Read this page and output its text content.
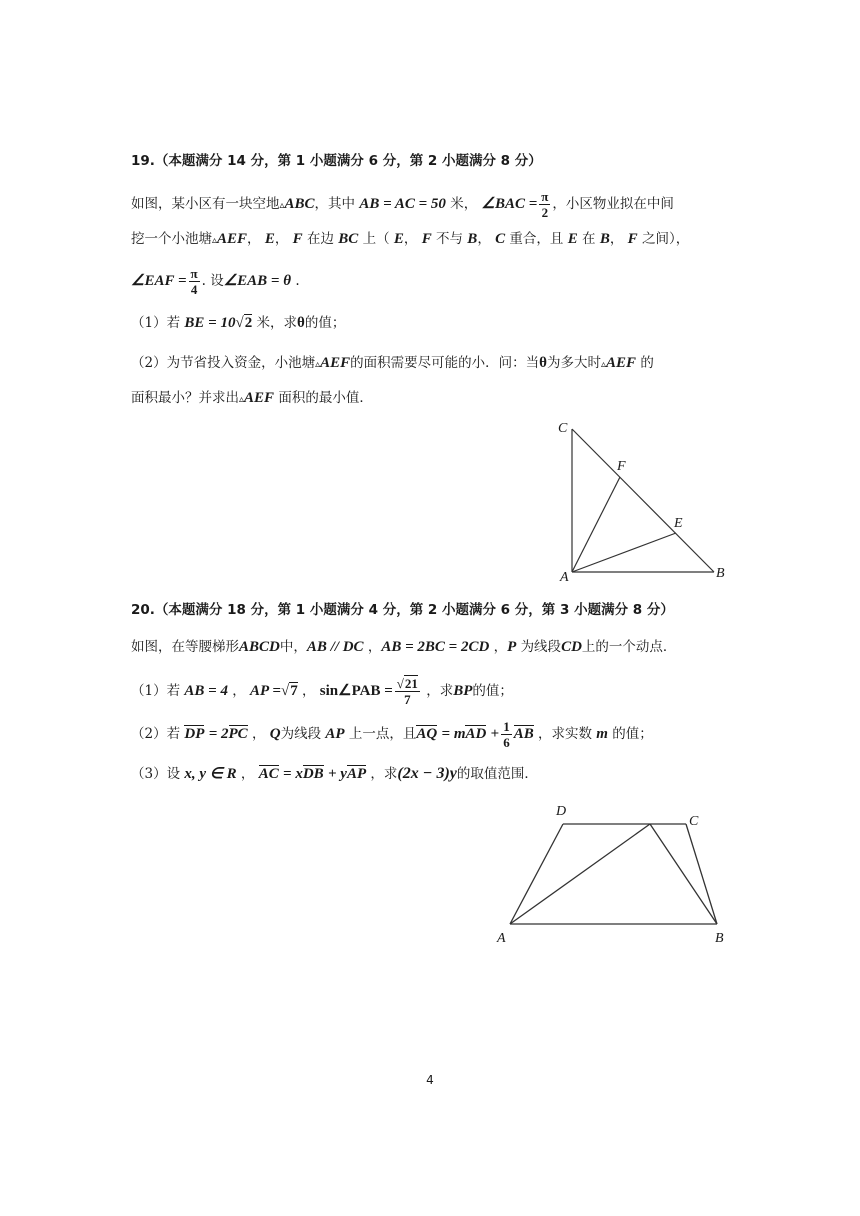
19.（本题满分 14 分，第 1 小题满分 6 分，第 2 小题满分 8 分）
如图，某小区有一块空地▵ABC，其中 AB = AC = 50 米， ∠BAC = $\frac{\pi}{2}$ ，小区物业拟在中间
挖一个小池塘▵AEF， E， F 在边 BC 上（ E， F 不与 B， C 重合，且 E 在 B， F 之间），
∠EAF = $\frac{\pi}{4}$ . 设∠EAB = θ .
（1）若 BE = 10√2 米，求θ的值；
（2）为节省投入资金，小池塘▵AEF的面积需要尽可能的小．问：当θ为多大时▵AEF 的
面积最小？并求出▵AEF 面积的最小值．
C
F
E
A	B
20.（本题满分 18 分，第 1 小题满分 4 分，第 2 小题满分 6 分，第 3 小题满分 8 分）
如图，在等腰梯形ABCD中，AB // DC ，AB = 2BC = 2CD ，P 为线段CD上的一个动点．
（1）若 AB = 4 ， AP =√7 ， sin∠PAB = $\frac{√21}{7}$ ，求BP的值；
（2）若 DP = 2PC ， Q为线段 AP 上一点，且AQ = mAD + $\frac{1}{6}$ AB ，求实数 m 的值；
（3）设 x, y ∈ R ， AC = xDB + yAP ，求(2x − 3)y的取值范围．
D
C
A	B
4
